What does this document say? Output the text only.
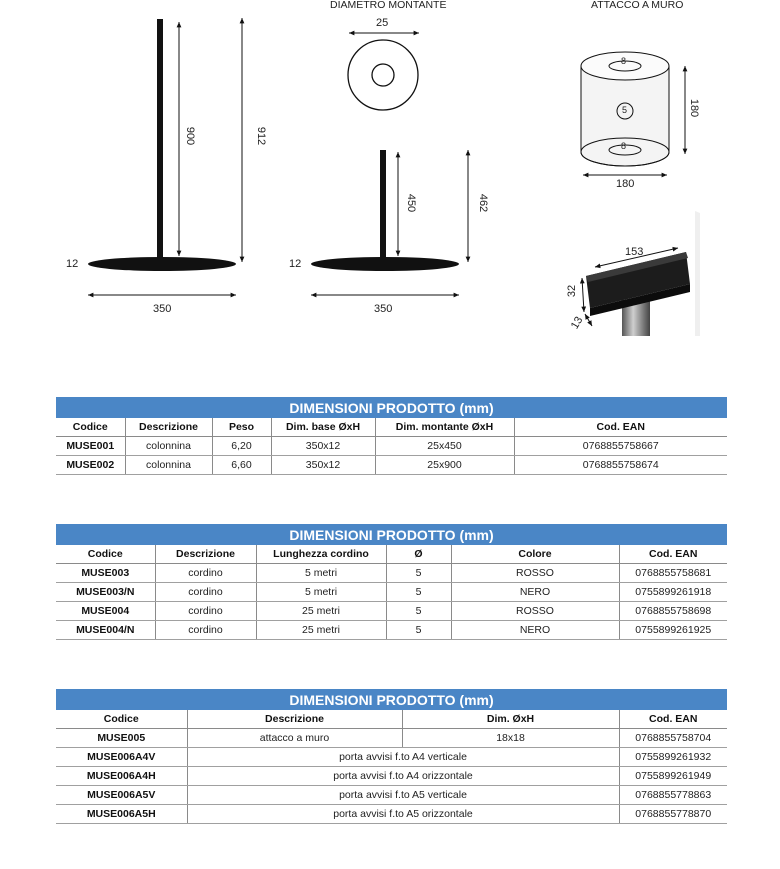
DIAMETRO MONTANTE	ATTACCO A MURO
25
900	912
12
350
450	462
12
350
8
5
8
180
180
153
32
13
DIMENSIONI PRODOTTO (mm)					
Codice	Descrizione	Peso	Dim. base ØxH	Dim. montante ØxH	Cod. EAN
MUSE001	colonnina	6,20	350x12	25x450	0768855758667
MUSE002	colonnina	6,60	350x12	25x900	0768855758674
DIMENSIONI PRODOTTO (mm)					
Codice	Descrizione	Lunghezza cordino	Ø	Colore	Cod. EAN
MUSE003	cordino	5 metri	5	ROSSO	0768855758681
MUSE003/N	cordino	5 metri	5	NERO	0755899261918
MUSE004	cordino	25 metri	5	ROSSO	0768855758698
MUSE004/N	cordino	25 metri	5	NERO	0755899261925
DIMENSIONI PRODOTTO (mm)			
Codice	Descrizione	Dim. ØxH	Cod. EAN
MUSE005	attacco a muro	18x18	0768855758704
MUSE006A4V	porta avvisi f.to A4 verticale		0755899261932
MUSE006A4H	porta avvisi f.to A4 orizzontale		0755899261949
MUSE006A5V	porta avvisi f.to A5 verticale		0768855778863
MUSE006A5H	porta avvisi f.to A5 orizzontale		0768855778870
